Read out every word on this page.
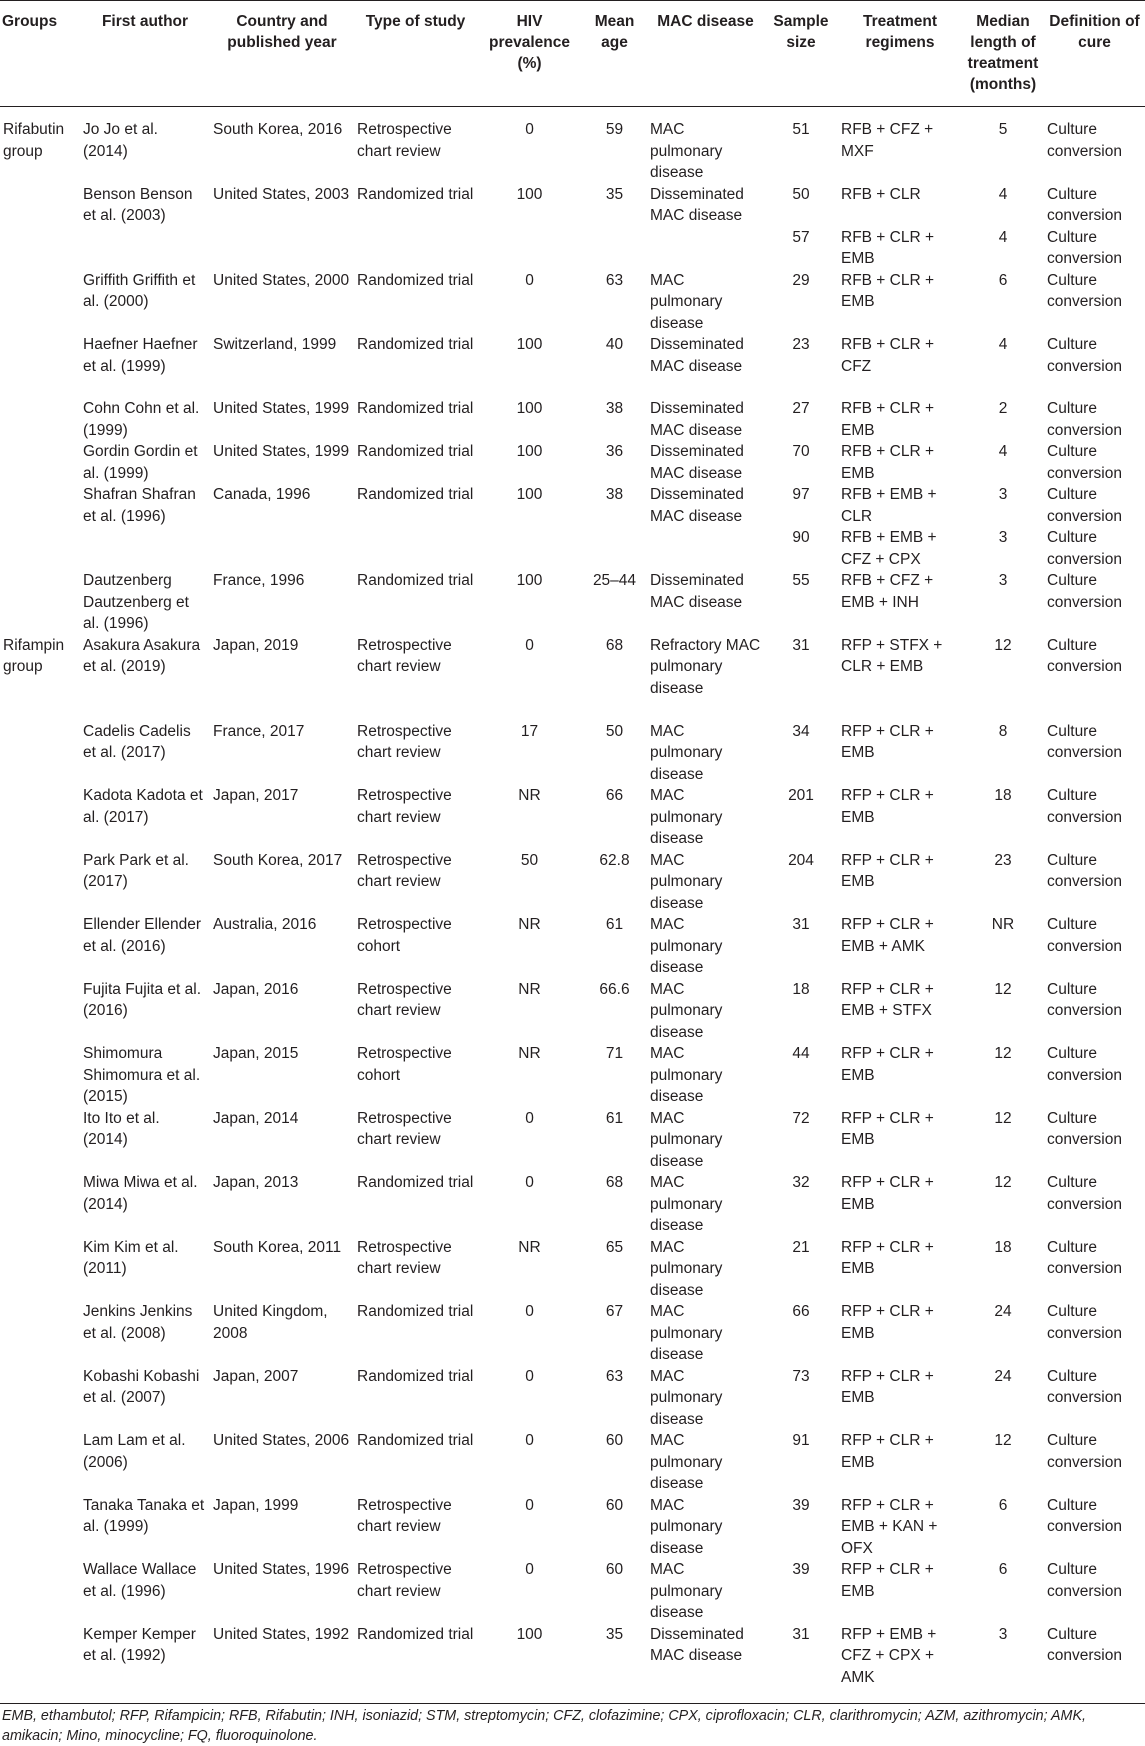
Groups	First author	Country and published year	Type of study	HIV prevalence (%)	Mean age	MAC disease	Sample size	Treatment regimens	Median length of treatment (months)	Definition of cure
Rifabutin group	Jo Jo et al. (2014)	South Korea, 2016	Retrospective chart review	0	59	MAC pulmonary disease	51	RFB + CFZ + MXF	5	Culture conversion
	Benson Benson et al. (2003)	United States, 2003	Randomized trial	100	35	Disseminated MAC disease	50	RFB + CLR	4	Culture conversion
							57	RFB + CLR + EMB	4	Culture conversion
	Griffith Griffith et al. (2000)	United States, 2000	Randomized trial	0	63	MAC pulmonary disease	29	RFB + CLR + EMB	6	Culture conversion
	Haefner Haefner et al. (1999)	Switzerland, 1999	Randomized trial	100	40	Disseminated MAC disease	23	RFB + CLR + CFZ	4	Culture conversion
	Cohn Cohn et al. (1999)	United States, 1999	Randomized trial	100	38	Disseminated MAC disease	27	RFB + CLR + EMB	2	Culture conversion
	Gordin Gordin et al. (1999)	United States, 1999	Randomized trial	100	36	Disseminated MAC disease	70	RFB + CLR + EMB	4	Culture conversion
	Shafran Shafran et al. (1996)	Canada, 1996	Randomized trial	100	38	Disseminated MAC disease	97	RFB + EMB + CLR	3	Culture conversion
							90	RFB + EMB + CFZ + CPX	3	Culture conversion
	Dautzenberg Dautzenberg et al. (1996)	France, 1996	Randomized trial	100	25–44	Disseminated MAC disease	55	RFB + CFZ + EMB + INH	3	Culture conversion
Rifampin group	Asakura Asakura et al. (2019)	Japan, 2019	Retrospective chart review	0	68	Refractory MAC pulmonary disease	31	RFP + STFX + CLR + EMB	12	Culture conversion
	Cadelis Cadelis et al. (2017)	France, 2017	Retrospective chart review	17	50	MAC pulmonary disease	34	RFP + CLR + EMB	8	Culture conversion
	Kadota Kadota et al. (2017)	Japan, 2017	Retrospective chart review	NR	66	MAC pulmonary disease	201	RFP + CLR + EMB	18	Culture conversion
	Park Park et al. (2017)	South Korea, 2017	Retrospective chart review	50	62.8	MAC pulmonary disease	204	RFP + CLR + EMB	23	Culture conversion
	Ellender Ellender et al. (2016)	Australia, 2016	Retrospective cohort	NR	61	MAC pulmonary disease	31	RFP + CLR + EMB + AMK	NR	Culture conversion
	Fujita Fujita et al. (2016)	Japan, 2016	Retrospective chart review	NR	66.6	MAC pulmonary disease	18	RFP + CLR + EMB + STFX	12	Culture conversion
	Shimomura Shimomura et al. (2015)	Japan, 2015	Retrospective cohort	NR	71	MAC pulmonary disease	44	RFP + CLR + EMB	12	Culture conversion
	Ito Ito et al. (2014)	Japan, 2014	Retrospective chart review	0	61	MAC pulmonary disease	72	RFP + CLR + EMB	12	Culture conversion
	Miwa Miwa et al. (2014)	Japan, 2013	Randomized trial	0	68	MAC pulmonary disease	32	RFP + CLR + EMB	12	Culture conversion
	Kim Kim et al. (2011)	South Korea, 2011	Retrospective chart review	NR	65	MAC pulmonary disease	21	RFP + CLR + EMB	18	Culture conversion
	Jenkins Jenkins et al. (2008)	United Kingdom, 2008	Randomized trial	0	67	MAC pulmonary disease	66	RFP + CLR + EMB	24	Culture conversion
	Kobashi Kobashi et al. (2007)	Japan, 2007	Randomized trial	0	63	MAC pulmonary disease	73	RFP + CLR + EMB	24	Culture conversion
	Lam Lam et al. (2006)	United States, 2006	Randomized trial	0	60	MAC pulmonary disease	91	RFP + CLR + EMB	12	Culture conversion
	Tanaka Tanaka et al. (1999)	Japan, 1999	Retrospective chart review	0	60	MAC pulmonary disease	39	RFP + CLR + EMB + KAN + OFX	6	Culture conversion
	Wallace Wallace et al. (1996)	United States, 1996	Retrospective chart review	0	60	MAC pulmonary disease	39	RFP + CLR + EMB	6	Culture conversion
	Kemper Kemper et al. (1992)	United States, 1992	Randomized trial	100	35	Disseminated MAC disease	31	RFP + EMB + CFZ + CPX + AMK	3	Culture conversion
EMB, ethambutol; RFP, Rifampicin; RFB, Rifabutin; INH, isoniazid; STM, streptomycin; CFZ, clofazimine; CPX, ciprofloxacin; CLR, clarithromycin; AZM, azithromycin; AMK, amikacin; Mino, minocycline; FQ, fluoroquinolone.
